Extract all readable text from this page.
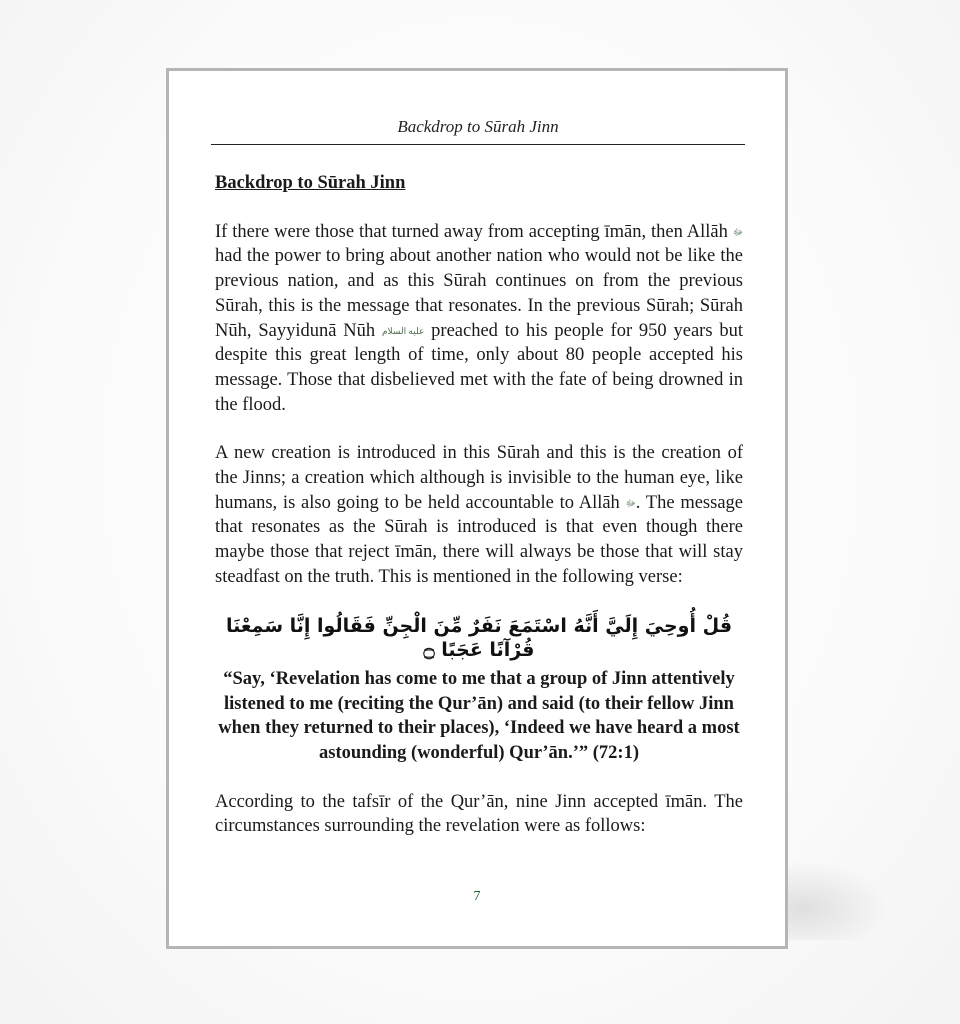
Backdrop to Sūrah Jinn
Backdrop to Sūrah Jinn

If there were those that turned away from accepting īmān, then Allāh ﷻ had the power to bring about another nation who would not be like the previous nation, and as this Sūrah continues on from the previous Sūrah, this is the message that resonates. In the previous Sūrah; Sūrah Nūh, Sayyidunā Nūh عليه السلام preached to his people for 950 years but despite this great length of time, only about 80 people accepted his message. Those that disbelieved met with the fate of being drowned in the flood.

A new creation is introduced in this Sūrah and this is the creation of the Jinns; a creation which although is invisible to the human eye, like humans, is also going to be held accountable to Allāh ﷻ. The message that resonates as the Sūrah is introduced is that even though there maybe those that reject īmān, there will always be those that will stay steadfast on the truth. This is mentioned in the following verse:

قُلْ أُوحِيَ إِلَيَّ أَنَّهُ اسْتَمَعَ نَفَرٌ مِّنَ الْجِنِّ فَقَالُوا إِنَّا سَمِعْنَا قُرْآنًا عَجَبًا ۝
“Say, ‘Revelation has come to me that a group of Jinn attentively listened to me (reciting the Qur’ān) and said (to their fellow Jinn when they returned to their places), ‘Indeed we have heard a most astounding (wonderful) Qur’ān.’” (72:1)

According to the tafsīr of the Qur’ān, nine Jinn accepted īmān. The circumstances surrounding the revelation were as follows:

7
